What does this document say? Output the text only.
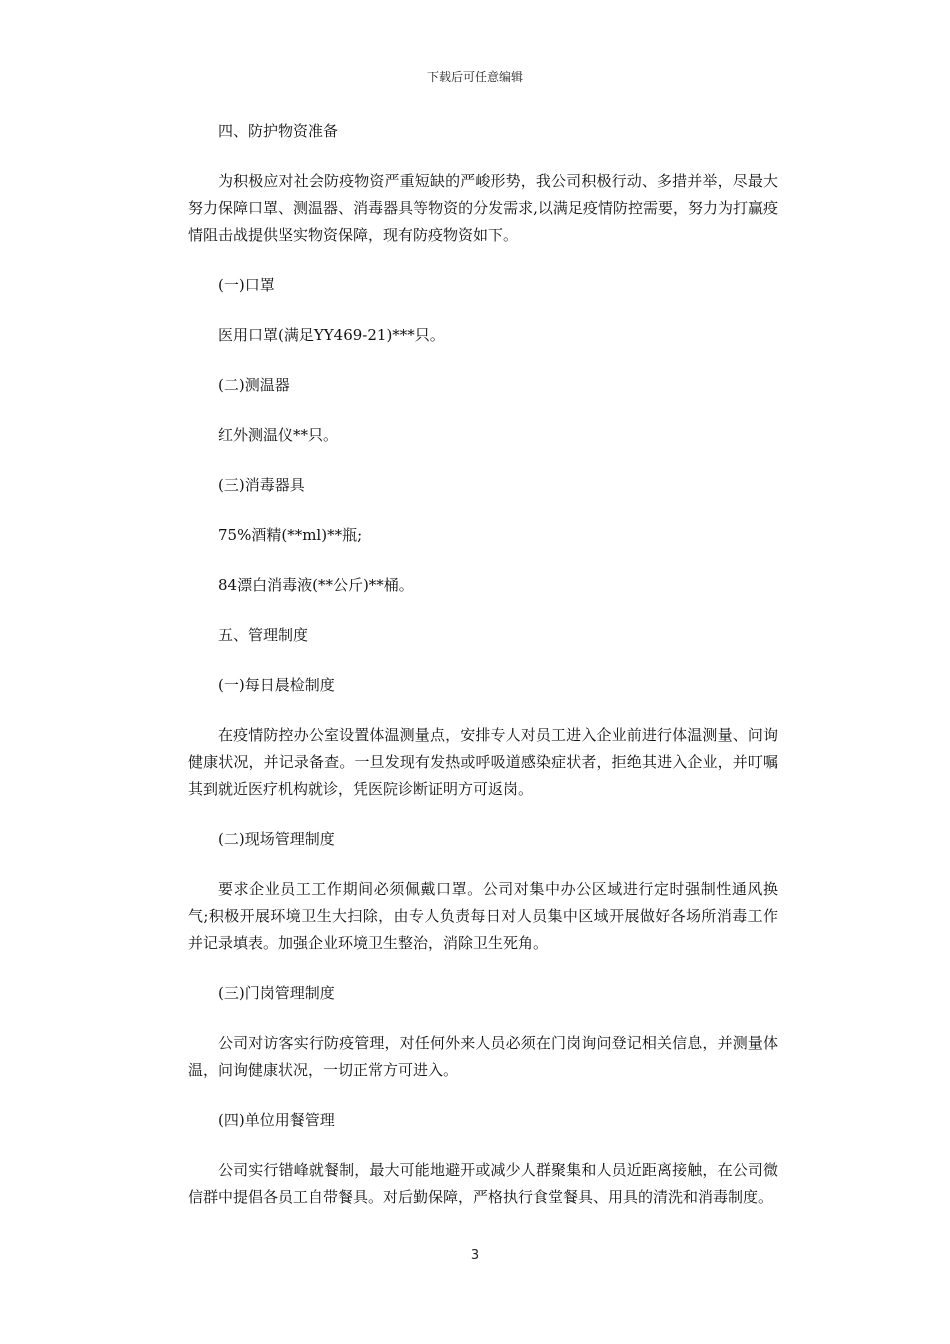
下载后可任意编辑

四、防护物资准备

为积极应对社会防疫物资严重短缺的严峻形势，我公司积极行动、多措并举，尽最大努力保障口罩、测温器、消毒器具等物资的分发需求,以满足疫情防控需要，努力为打赢疫情阻击战提供坚实物资保障，现有防疫物资如下。

(一)口罩

医用口罩(满足YY469-21)***只。

(二)测温器

红外测温仪**只。

(三)消毒器具

75%酒精(**ml)**瓶;

84漂白消毒液(**公斤)**桶。

五、管理制度

(一)每日晨检制度

在疫情防控办公室设置体温测量点，安排专人对员工进入企业前进行体温测量、问询健康状况，并记录备查。一旦发现有发热或呼吸道感染症状者，拒绝其进入企业，并叮嘱其到就近医疗机构就诊，凭医院诊断证明方可返岗。

(二)现场管理制度

要求企业员工工作期间必须佩戴口罩。公司对集中办公区域进行定时强制性通风换气;积极开展环境卫生大扫除，由专人负责每日对人员集中区域开展做好各场所消毒工作并记录填表。加强企业环境卫生整治，消除卫生死角。

(三)门岗管理制度

公司对访客实行防疫管理，对任何外来人员必须在门岗询问登记相关信息，并测量体温，问询健康状况，一切正常方可进入。

(四)单位用餐管理

公司实行错峰就餐制，最大可能地避开或减少人群聚集和人员近距离接触，在公司微信群中提倡各员工自带餐具。对后勤保障，严格执行食堂餐具、用具的清洗和消毒制度。

3
